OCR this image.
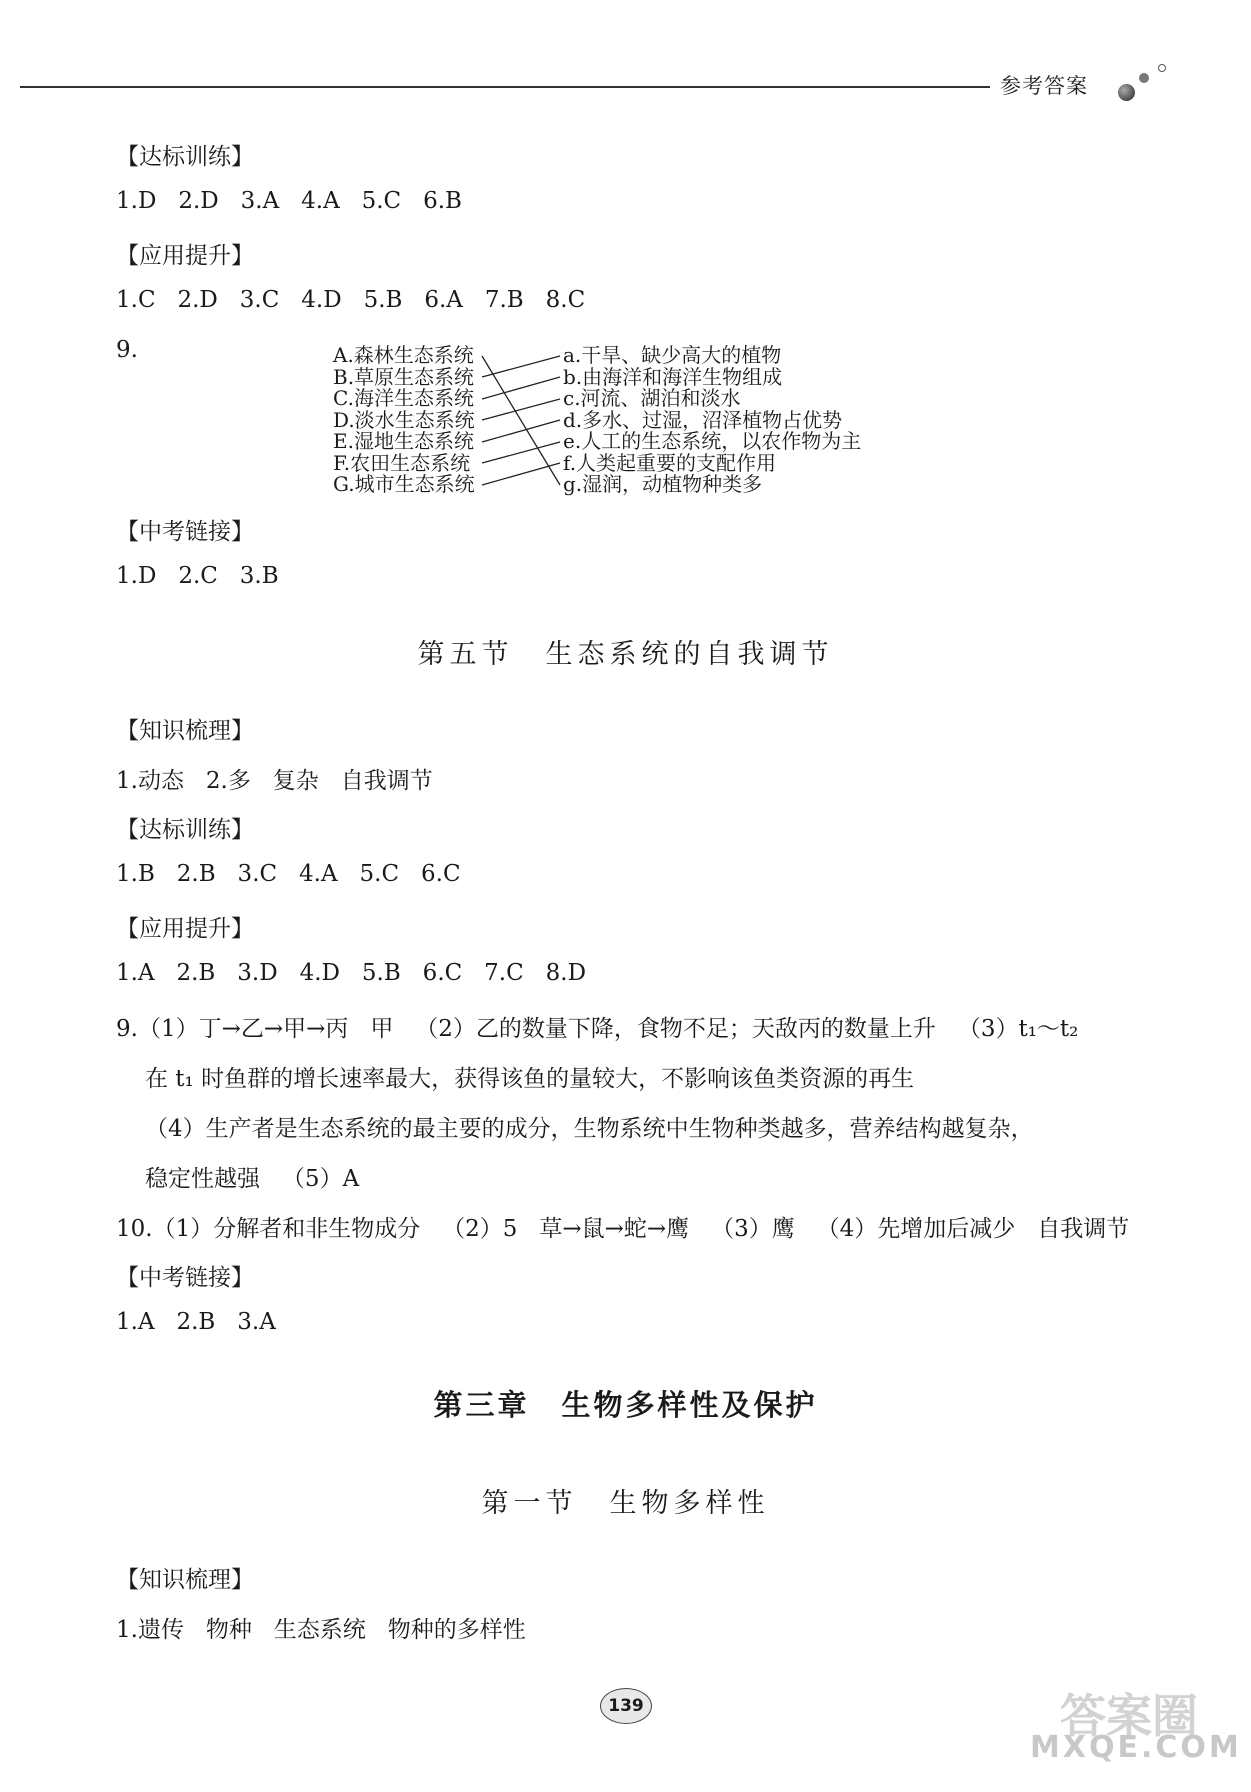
参考答案
【达标训练】
1.D   2.D   3.A   4.A   5.C   6.B
【应用提升】
1.C   2.D   3.C   4.D   5.B   6.A   7.B   8.C
9.	A.森林生态系统
B.草原生态系统
C.海洋生态系统
D.淡水生态系统
E.湿地生态系统
F.农田生态系统
G.城市生态系统
a.干旱、缺少高大的植物
b.由海洋和海洋生物组成
c.河流、湖泊和淡水
d.多水、过湿，沼泽植物占优势
e.人工的生态系统，以农作物为主
f.人类起重要的支配作用
g.湿润，动植物种类多
【中考链接】
1.D   2.C   3.B
第五节　生态系统的自我调节
【知识梳理】
1.动态   2.多   复杂   自我调节
【达标训练】
1.B   2.B   3.C   4.A   5.C   6.C
【应用提升】
1.A   2.B   3.D   4.D   5.B   6.C   7.C   8.D
9.（1）丁→乙→甲→丙   甲   （2）乙的数量下降，食物不足；天敌丙的数量上升   （3）t₁～t₂
在 t₁ 时鱼群的增长速率最大，获得该鱼的量较大，不影响该鱼类资源的再生
（4）生产者是生态系统的最主要的成分，生物系统中生物种类越多，营养结构越复杂，
稳定性越强   （5）A
10.（1）分解者和非生物成分   （2）5   草→鼠→蛇→鹰   （3）鹰   （4）先增加后减少   自我调节
【中考链接】
1.A   2.B   3.A
第三章　生物多样性及保护
第一节　生物多样性
【知识梳理】
1.遗传   物种   生态系统   物种的多样性
139	答案圈
MXQE.COM
